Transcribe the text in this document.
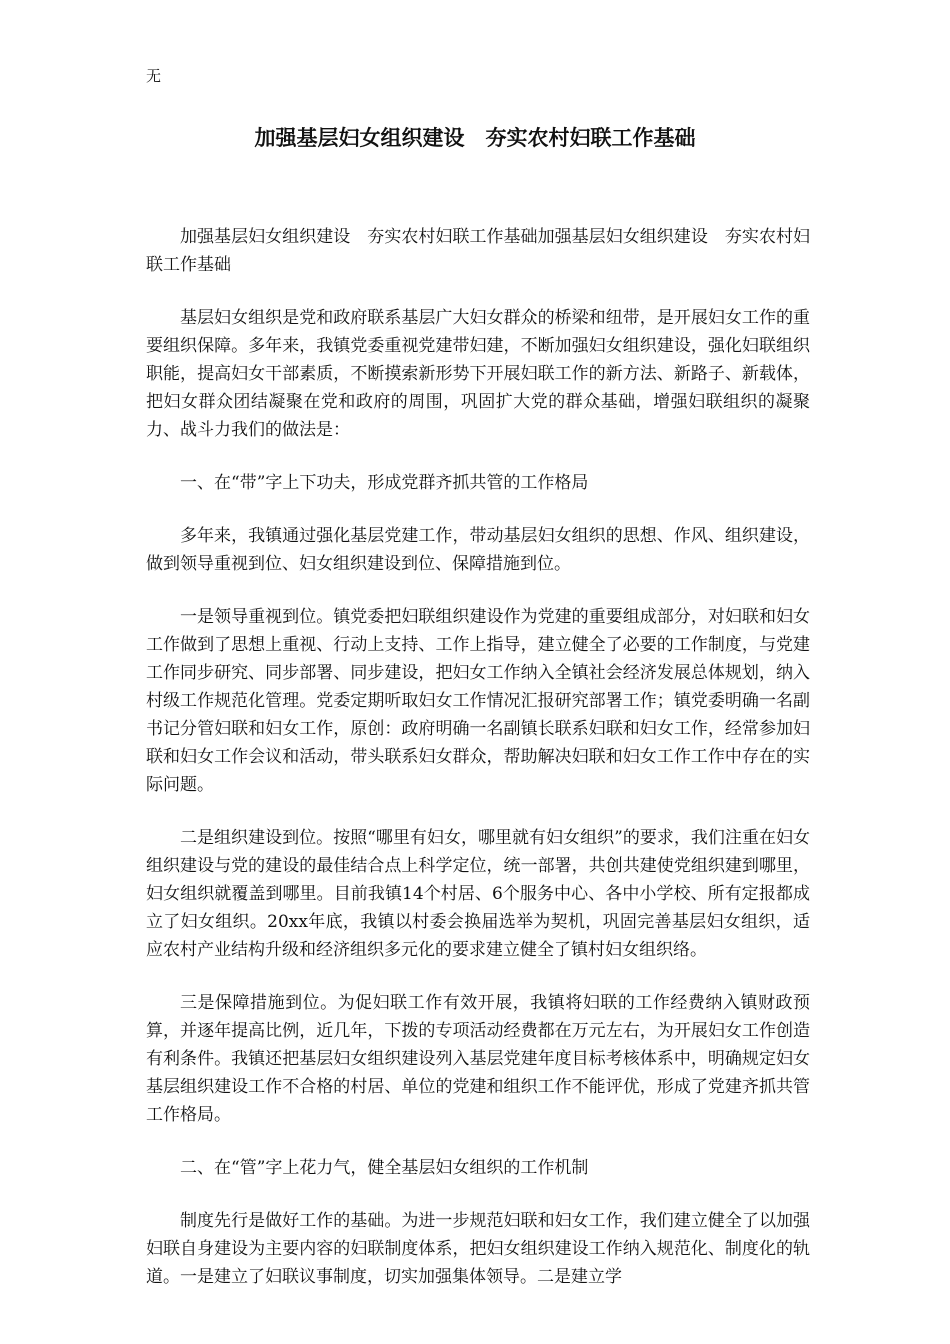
无
加强基层妇女组织建设　夯实农村妇联工作基础

加强基层妇女组织建设　夯实农村妇联工作基础加强基层妇女组织建设　夯实农村妇联工作基础

基层妇女组织是党和政府联系基层广大妇女群众的桥梁和纽带，是开展妇女工作的重要组织保障。多年来，我镇党委重视党建带妇建，不断加强妇女组织建设，强化妇联组织职能，提高妇女干部素质，不断摸索新形势下开展妇联工作的新方法、新路子、新载体，把妇女群众团结凝聚在党和政府的周围，巩固扩大党的群众基础，增强妇联组织的凝聚力、战斗力我们的做法是：

一、在“带”字上下功夫，形成党群齐抓共管的工作格局

多年来，我镇通过强化基层党建工作，带动基层妇女组织的思想、作风、组织建设，做到领导重视到位、妇女组织建设到位、保障措施到位。

一是领导重视到位。镇党委把妇联组织建设作为党建的重要组成部分，对妇联和妇女工作做到了思想上重视、行动上支持、工作上指导，建立健全了必要的工作制度，与党建工作同步研究、同步部署、同步建设，把妇女工作纳入全镇社会经济发展总体规划，纳入村级工作规范化管理。党委定期听取妇女工作情况汇报研究部署工作；镇党委明确一名副书记分管妇联和妇女工作，原创：政府明确一名副镇长联系妇联和妇女工作，经常参加妇联和妇女工作会议和活动，带头联系妇女群众，帮助解决妇联和妇女工作工作中存在的实际问题。

二是组织建设到位。按照“哪里有妇女，哪里就有妇女组织”的要求，我们注重在妇女组织建设与党的建设的最佳结合点上科学定位，统一部署，共创共建使党组织建到哪里，妇女组织就覆盖到哪里。目前我镇14个村居、6个服务中心、各中小学校、所有定报都成立了妇女组织。20xx年底，我镇以村委会换届选举为契机，巩固完善基层妇女组织，适应农村产业结构升级和经济组织多元化的要求建立健全了镇村妇女组织络。

三是保障措施到位。为促妇联工作有效开展，我镇将妇联的工作经费纳入镇财政预算，并逐年提高比例，近几年，下拨的专项活动经费都在万元左右，为开展妇女工作创造有利条件。我镇还把基层妇女组织建设列入基层党建年度目标考核体系中，明确规定妇女基层组织建设工作不合格的村居、单位的党建和组织工作不能评优，形成了党建齐抓共管工作格局。

二、在“管”字上花力气，健全基层妇女组织的工作机制

制度先行是做好工作的基础。为进一步规范妇联和妇女工作，我们建立健全了以加强妇联自身建设为主要内容的妇联制度体系，把妇女组织建设工作纳入规范化、制度化的轨道。一是建立了妇联议事制度，切实加强集体领导。二是建立学
